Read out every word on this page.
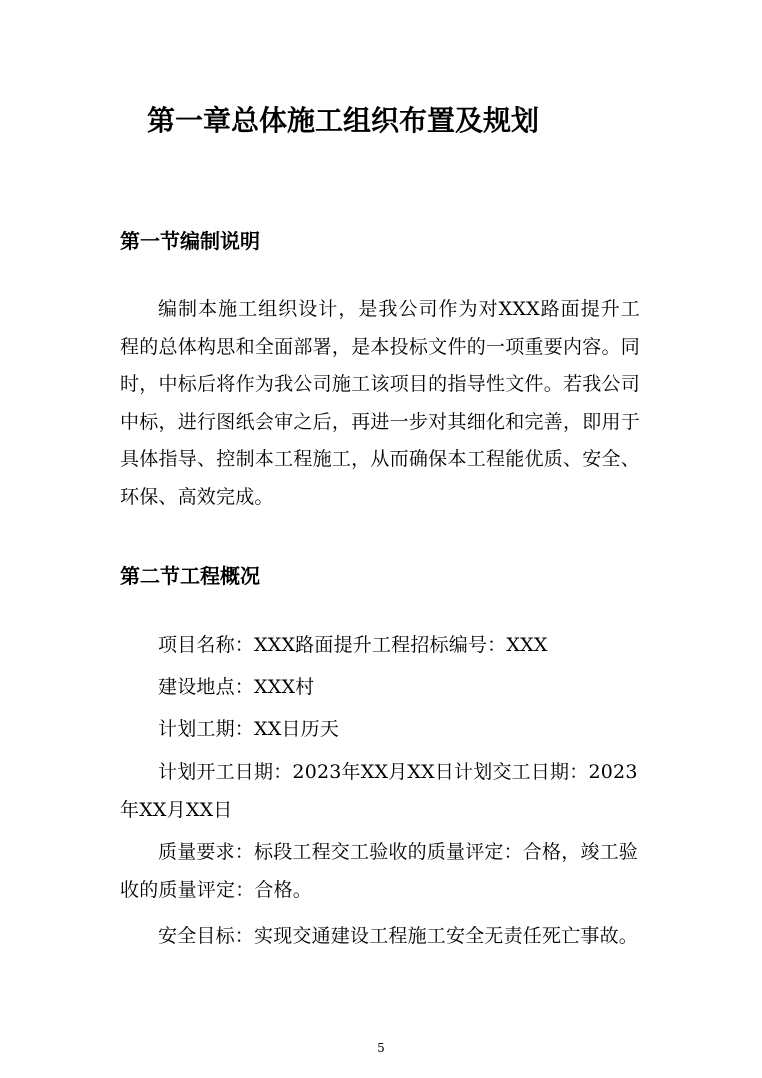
第一章总体施工组织布置及规划
第一节编制说明

编制本施工组织设计，是我公司作为对XXX路面提升工程的总体构思和全面部署，是本投标文件的一项重要内容。同时，中标后将作为我公司施工该项目的指导性文件。若我公司中标，进行图纸会审之后，再进一步对其细化和完善，即用于具体指导、控制本工程施工，从而确保本工程能优质、安全、环保、高效完成。

第二节工程概况

项目名称：XXX路面提升工程招标编号：XXX

建设地点：XXX村

计划工期：XX日历天

计划开工日期：2023年XX月XX日计划交工日期：2023年XX月XX日

质量要求：标段工程交工验收的质量评定：合格，竣工验收的质量评定：合格。

安全目标：实现交通建设工程施工安全无责任死亡事故。

5
